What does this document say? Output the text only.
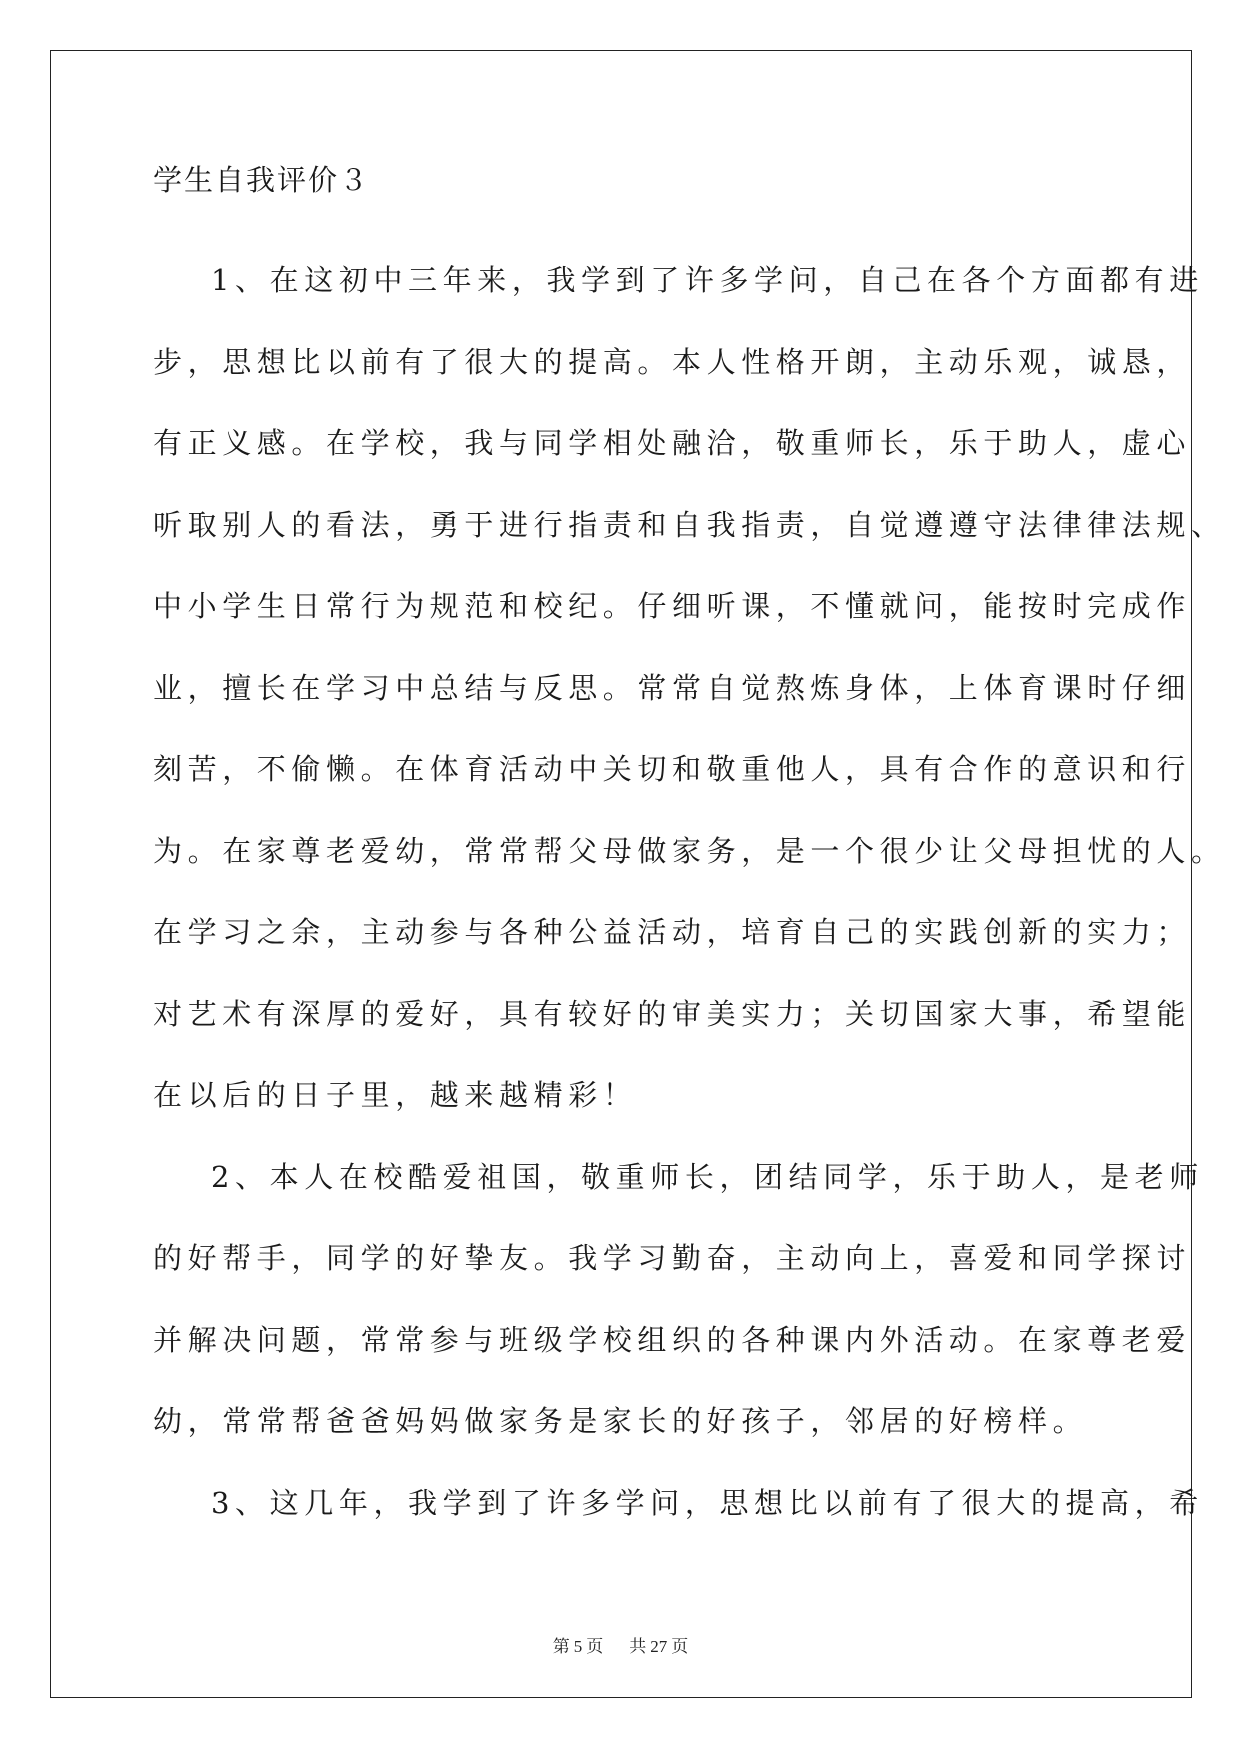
学生自我评价３
1、在这初中三年来，我学到了许多学问，自己在各个方面都有进
步，思想比以前有了很大的提高。本人性格开朗，主动乐观，诚恳，
有正义感。在学校，我与同学相处融洽，敬重师长，乐于助人，虚心
听取别人的看法，勇于进行指责和自我指责，自觉遵遵守法律律法规、
中小学生日常行为规范和校纪。仔细听课，不懂就问，能按时完成作
业，擅长在学习中总结与反思。常常自觉熬炼身体，上体育课时仔细
刻苦，不偷懒。在体育活动中关切和敬重他人，具有合作的意识和行
为。在家尊老爱幼，常常帮父母做家务，是一个很少让父母担忧的人。
在学习之余，主动参与各种公益活动，培育自己的实践创新的实力；
对艺术有深厚的爱好，具有较好的审美实力；关切国家大事，希望能
在以后的日子里，越来越精彩！
2、本人在校酷爱祖国，敬重师长，团结同学，乐于助人，是老师
的好帮手，同学的好挚友。我学习勤奋，主动向上，喜爱和同学探讨
并解决问题，常常参与班级学校组织的各种课内外活动。在家尊老爱
幼，常常帮爸爸妈妈做家务是家长的好孩子，邻居的好榜样。
3、这几年，我学到了许多学问，思想比以前有了很大的提高，希
第 5 页 共 27 页
